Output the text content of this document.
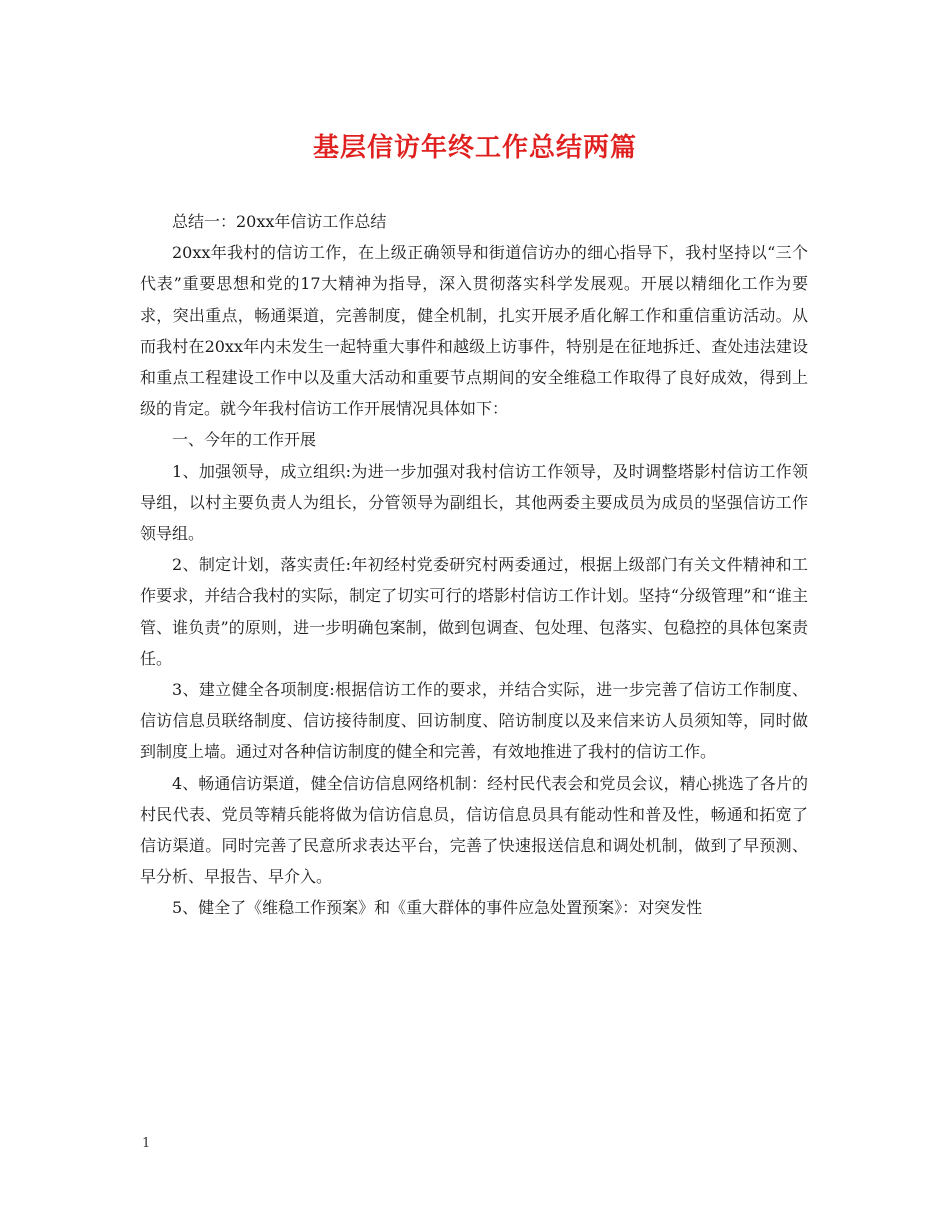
基层信访年终工作总结两篇

总结一：20xx年信访工作总结

20xx年我村的信访工作，在上级正确领导和街道信访办的细心指导下，我村坚持以“三个代表”重要思想和党的17大精神为指导，深入贯彻落实科学发展观。开展以精细化工作为要求，突出重点，畅通渠道，完善制度，健全机制，扎实开展矛盾化解工作和重信重访活动。从而我村在20xx年内未发生一起特重大事件和越级上访事件，特别是在征地拆迁、查处违法建设和重点工程建设工作中以及重大活动和重要节点期间的安全维稳工作取得了良好成效，得到上级的肯定。就今年我村信访工作开展情况具体如下：

一、今年的工作开展

1、加强领导，成立组织:为进一步加强对我村信访工作领导，及时调整塔影村信访工作领导组，以村主要负责人为组长，分管领导为副组长，其他两委主要成员为成员的坚强信访工作领导组。

2、制定计划，落实责任:年初经村党委研究村两委通过，根据上级部门有关文件精神和工作要求，并结合我村的实际，制定了切实可行的塔影村信访工作计划。坚持“分级管理”和“谁主管、谁负责”的原则，进一步明确包案制，做到包调查、包处理、包落实、包稳控的具体包案责任。

3、建立健全各项制度:根据信访工作的要求，并结合实际，进一步完善了信访工作制度、信访信息员联络制度、信访接待制度、回访制度、陪访制度以及来信来访人员须知等，同时做到制度上墙。通过对各种信访制度的健全和完善，有效地推进了我村的信访工作。

4、畅通信访渠道，健全信访信息网络机制：经村民代表会和党员会议，精心挑选了各片的村民代表、党员等精兵能将做为信访信息员，信访信息员具有能动性和普及性，畅通和拓宽了信访渠道。同时完善了民意所求表达平台，完善了快速报送信息和调处机制，做到了早预测、早分析、早报告、早介入。

5、健全了《维稳工作预案》和《重大群体的事件应急处置预案》：对突发性

1
